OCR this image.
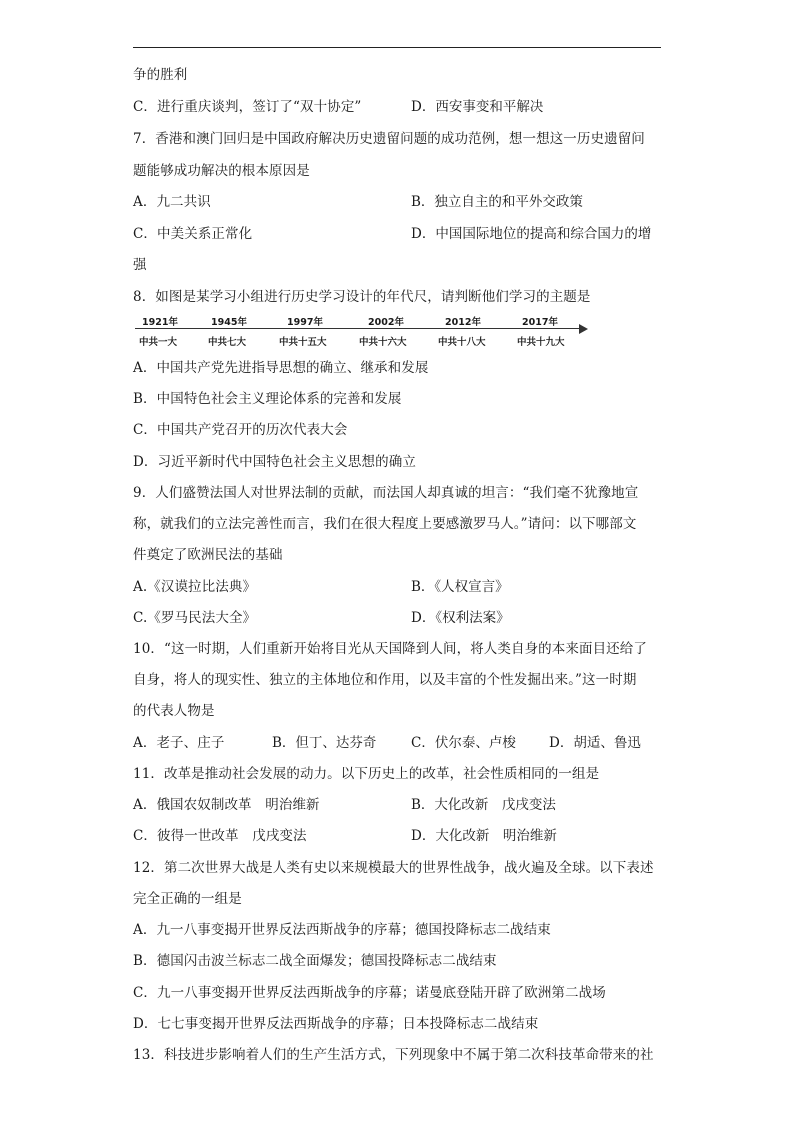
争的胜利
C．进行重庆谈判，签订了“双十协定”	D．西安事变和平解决
7．香港和澳门回归是中国政府解决历史遗留问题的成功范例，想一想这一历史遗留问
题能够成功解决的根本原因是
A．九二共识	B．独立自主的和平外交政策
C．中美关系正常化	D．中国国际地位的提高和综合国力的增
强
8．如图是某学习小组进行历史学习设计的年代尺，请判断他们学习的主题是
1921年	1945年	1997年	2002年	2012年	2017年
中共一大	中共七大	中共十五大	中共十六大	中共十八大	中共十九大
A．中国共产党先进指导思想的确立、继承和发展
B．中国特色社会主义理论体系的完善和发展
C．中国共产党召开的历次代表大会
D．习近平新时代中国特色社会主义思想的确立
9．人们盛赞法国人对世界法制的贡献，而法国人却真诚的坦言：“我们毫不犹豫地宣
称，就我们的立法完善性而言，我们在很大程度上要感激罗马人。”请问：以下哪部文
件奠定了欧洲民法的基础
A.《汉谟拉比法典》	B．《人权宣言》
C.《罗马民法大全》	D．《权利法案》
10．“这一时期，人们重新开始将目光从天国降到人间，将人类自身的本来面目还给了
自身，将人的现实性、独立的主体地位和作用，以及丰富的个性发掘出来。”这一时期
的代表人物是
A．老子、庄子	B．但丁、达芬奇	C．伏尔泰、卢梭 D．胡适、鲁迅
11．改革是推动社会发展的动力。以下历史上的改革，社会性质相同的一组是
A．俄国农奴制改革　明治维新	B．大化改新　戊戌变法
C．彼得一世改革　戊戌变法	D．大化改新　明治维新
12．第二次世界大战是人类有史以来规模最大的世界性战争，战火遍及全球。以下表述
完全正确的一组是
A．九一八事变揭开世界反法西斯战争的序幕；德国投降标志二战结束
B．德国闪击波兰标志二战全面爆发；德国投降标志二战结束
C．九一八事变揭开世界反法西斯战争的序幕；诺曼底登陆开辟了欧洲第二战场
D．七七事变揭开世界反法西斯战争的序幕；日本投降标志二战结束
13．科技进步影响着人们的生产生活方式，下列现象中不属于第二次科技革命带来的社
